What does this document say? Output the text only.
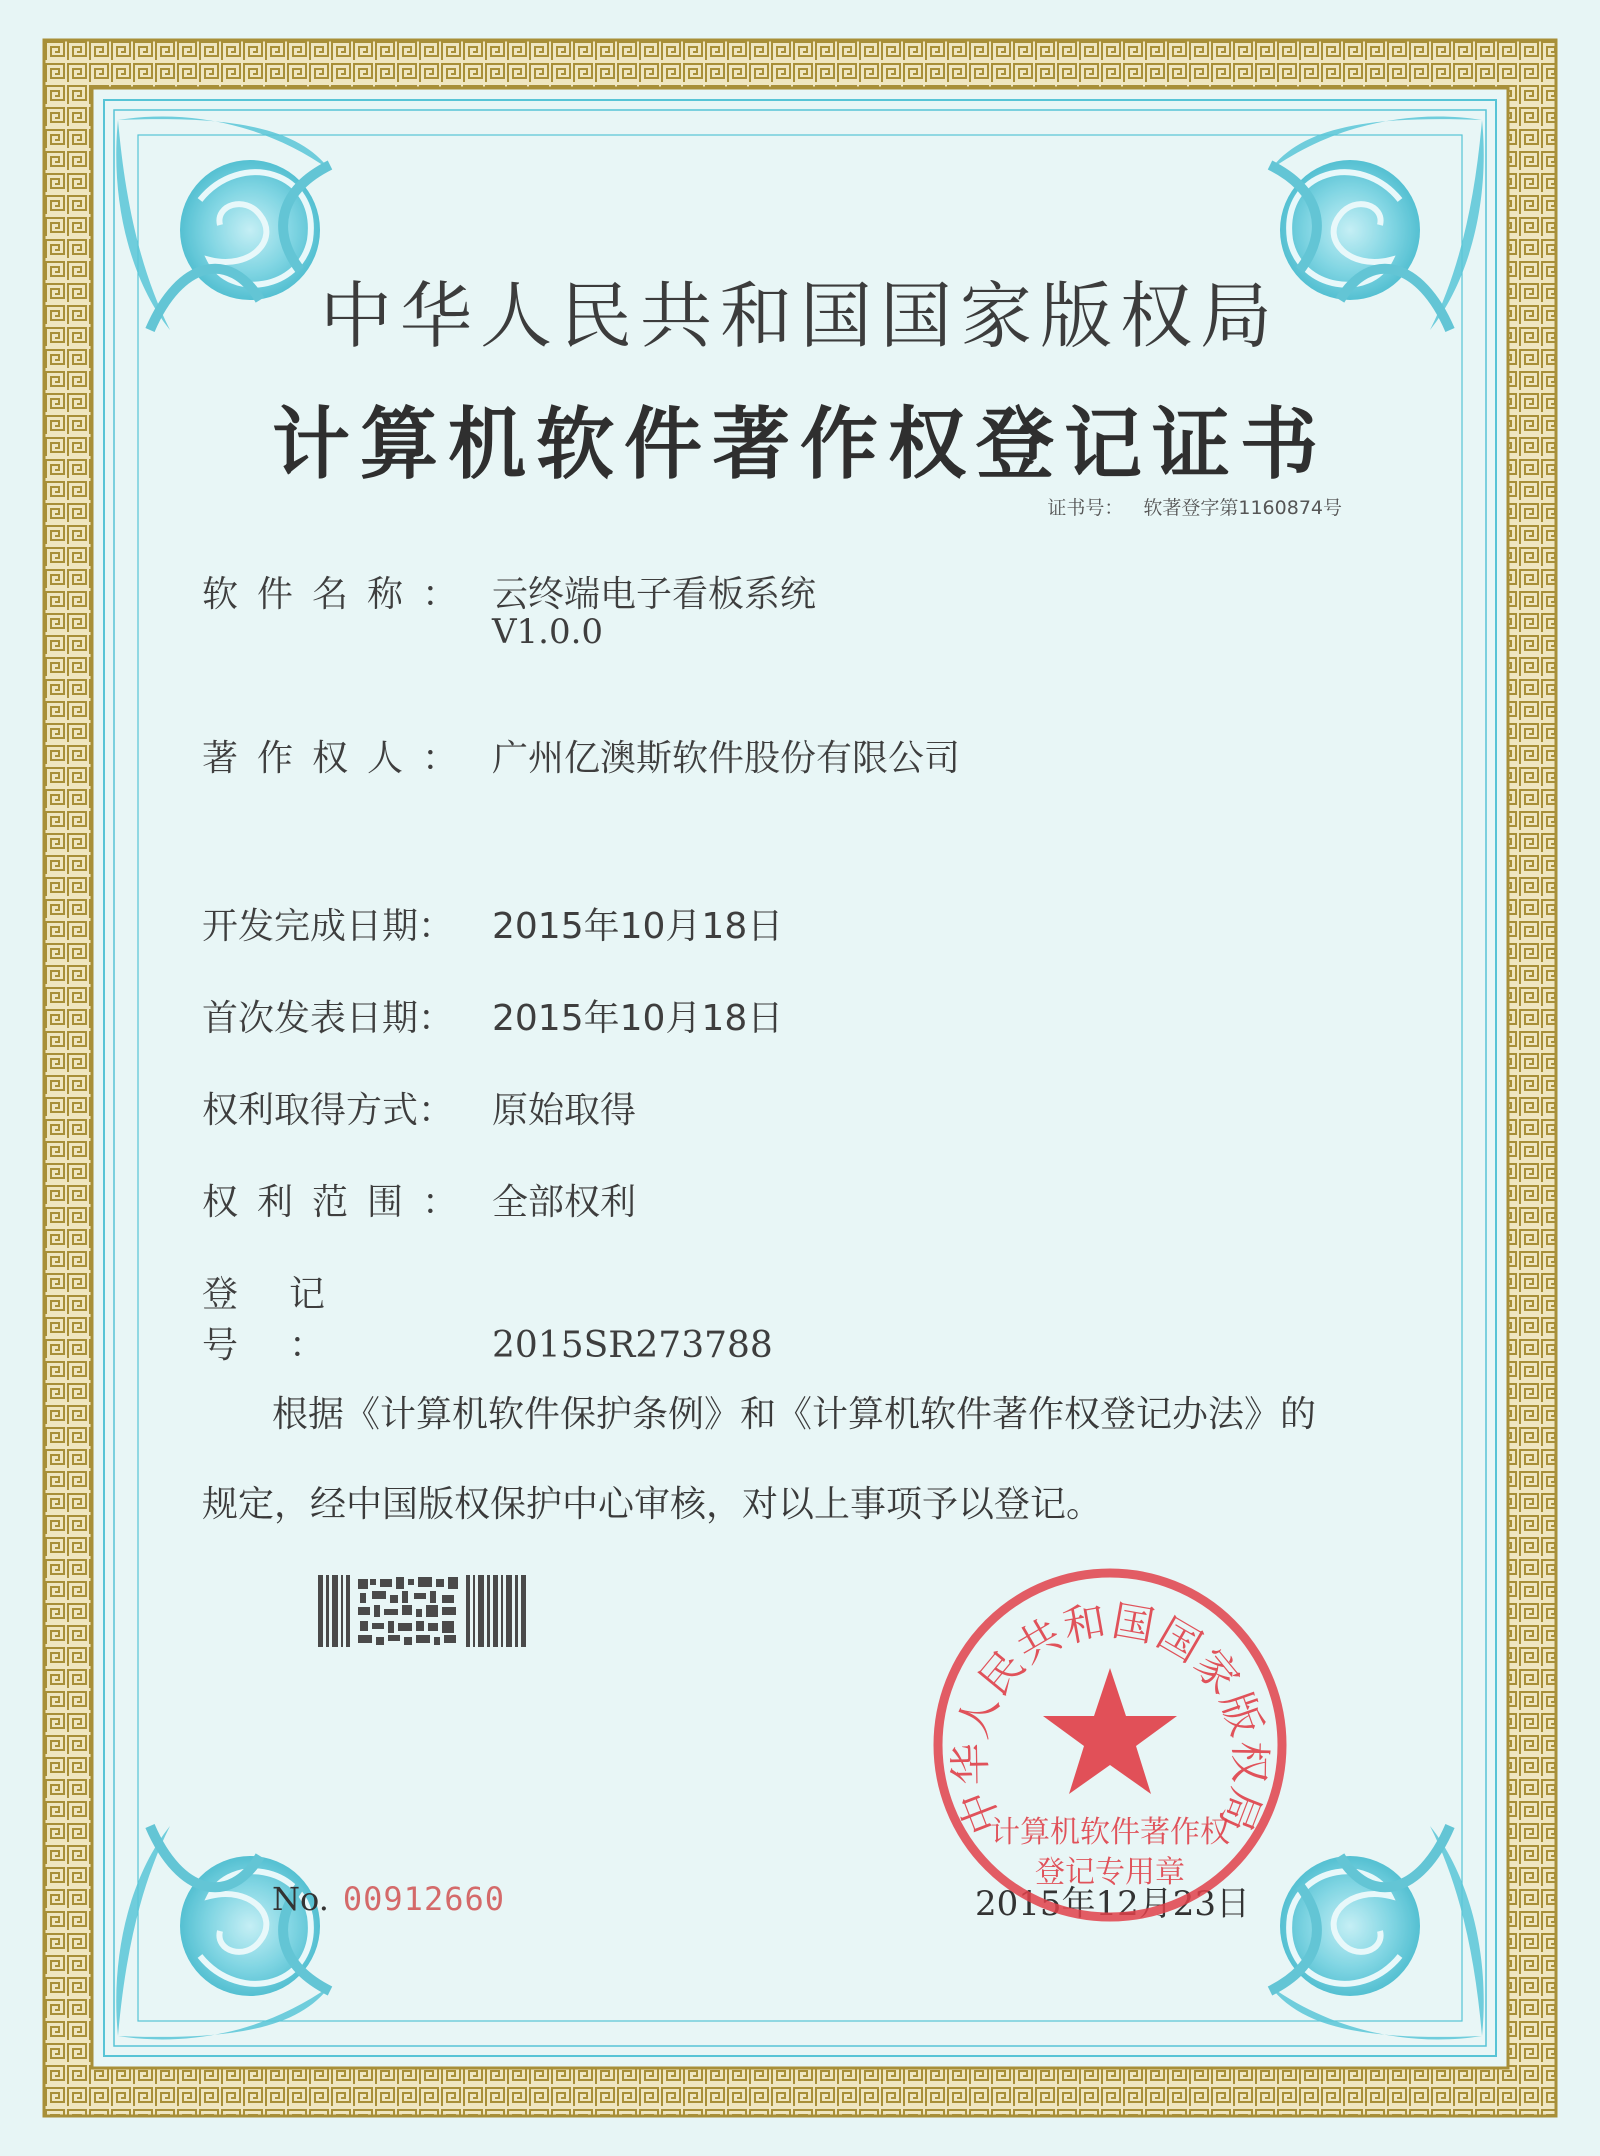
中华人民共和国国家版权局
计算机软件著作权登记证书
证书号： 软著登字第1160874号
软件名称： 云终端电子看板系统
V1.0.0
著作权人： 广州亿澳斯软件股份有限公司
开发完成日期： 2015年10月18日
首次发表日期： 2015年10月18日
权利取得方式： 原始取得
权利范围： 全部权利
登记号：	2015SR273788
根据《计算机软件保护条例》和《计算机软件著作权登记办法》的
规定，经中国版权保护中心审核，对以上事项予以登记。
No. 00912660	2015年12月23日
中华人民共和国国家版权局
计算机软件著作权
登记专用章
